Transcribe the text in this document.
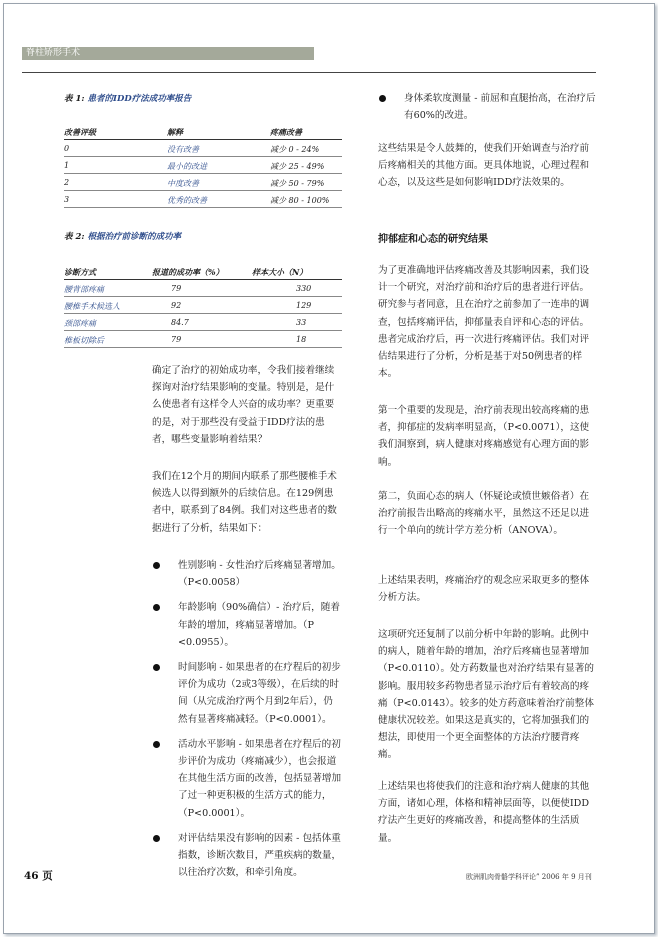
脊柱矫形手术
表 1: 患者的IDD疗法成功率报告
改善评级	解释	疼痛改善
0	没有改善	减少 0 - 24%
1	最小的改进	减少 25 - 49%
2	中度改善	减少 50 - 79%
3	优秀的改善	减少 80 - 100%
表 2: 根据治疗前诊断的成功率
诊断方式	报道的成功率（%）	样本大小（N）
腰背部疼痛	79	330
腰椎手术候选人	92	129
颈部疼痛	84.7	33
椎板切除后	79	18
确定了治疗的初始成功率，令我们接着继续探询对治疗结果影响的变量。特别是，是什么使患者有这样令人兴奋的成功率？更重要的是，对于那些没有受益于IDD疗法的患者，哪些变量影响着结果？
我们在12个月的期间内联系了那些腰椎手术候选人以得到额外的后续信息。在129例患者中，联系到了84例。我们对这些患者的数据进行了分析，结果如下：
性别影响 - 女性治疗后疼痛显著增加。（P<0.0058）
年龄影响（90%确信）- 治疗后，随着年龄的增加，疼痛显著增加。（P <0.0955）。
时间影响 - 如果患者的在疗程后的初步评价为成功（2或3等级），在后续的时间（从完成治疗两个月到2年后），仍然有显著疼痛减轻。（P<0.0001）。
活动水平影响 - 如果患者在疗程后的初步评价为成功（疼痛减少），也会报道在其他生活方面的改善，包括显著增加了过一种更积极的生活方式的能力，（P<0.0001）。
对评估结果没有影响的因素 - 包括体重指数，诊断次数目，严重疾病的数量，以往治疗次数，和牵引角度。
身体柔软度测量 - 前屈和直腿抬高，在治疗后有60%的改进。
这些结果是令人鼓舞的，使我们开始调查与治疗前后疼痛相关的其他方面。更具体地说，心理过程和心态，以及这些是如何影响IDD疗法效果的。
抑郁症和心态的研究结果
为了更准确地评估疼痛改善及其影响因素，我们设计一个研究，对治疗前和治疗后的患者进行评估。研究参与者同意，且在治疗之前参加了一连串的调查，包括疼痛评估，抑郁量表自评和心态的评估。患者完成治疗后，再一次进行疼痛评估。我们对评估结果进行了分析，分析是基于对50例患者的样本。
第一个重要的发现是，治疗前表现出较高疼痛的患者，抑郁症的发病率明显高，（P<0.0071），这使我们洞察到，病人健康对疼痛感觉有心理方面的影响。
第二，负面心态的病人（怀疑论或愤世嫉俗者）在治疗前报告出略高的疼痛水平，虽然这不还足以进行一个单向的统计学方差分析（ANOVA）。
上述结果表明，疼痛治疗的观念应采取更多的整体分析方法。
这项研究还复制了以前分析中年龄的影响。此例中的病人，随着年龄的增加，治疗后疼痛也显著增加（P<0.0110）。处方药数量也对治疗结果有显著的影响。服用较多药物患者显示治疗后有着较高的疼痛（P<0.0143）。较多的处方药意味着治疗前整体健康状况较差。如果这是真实的，它将加强我们的想法，即使用一个更全面整体的方法治疗腰背疼痛。
上述结果也将使我们的注意和治疗病人健康的其他方面，诸如心理，体格和精神层面等，以便使IDD疗法产生更好的疼痛改善，和提高整体的生活质量。
46 页	欧洲肌肉骨骼学科评论” 2006 年 9 月刊
